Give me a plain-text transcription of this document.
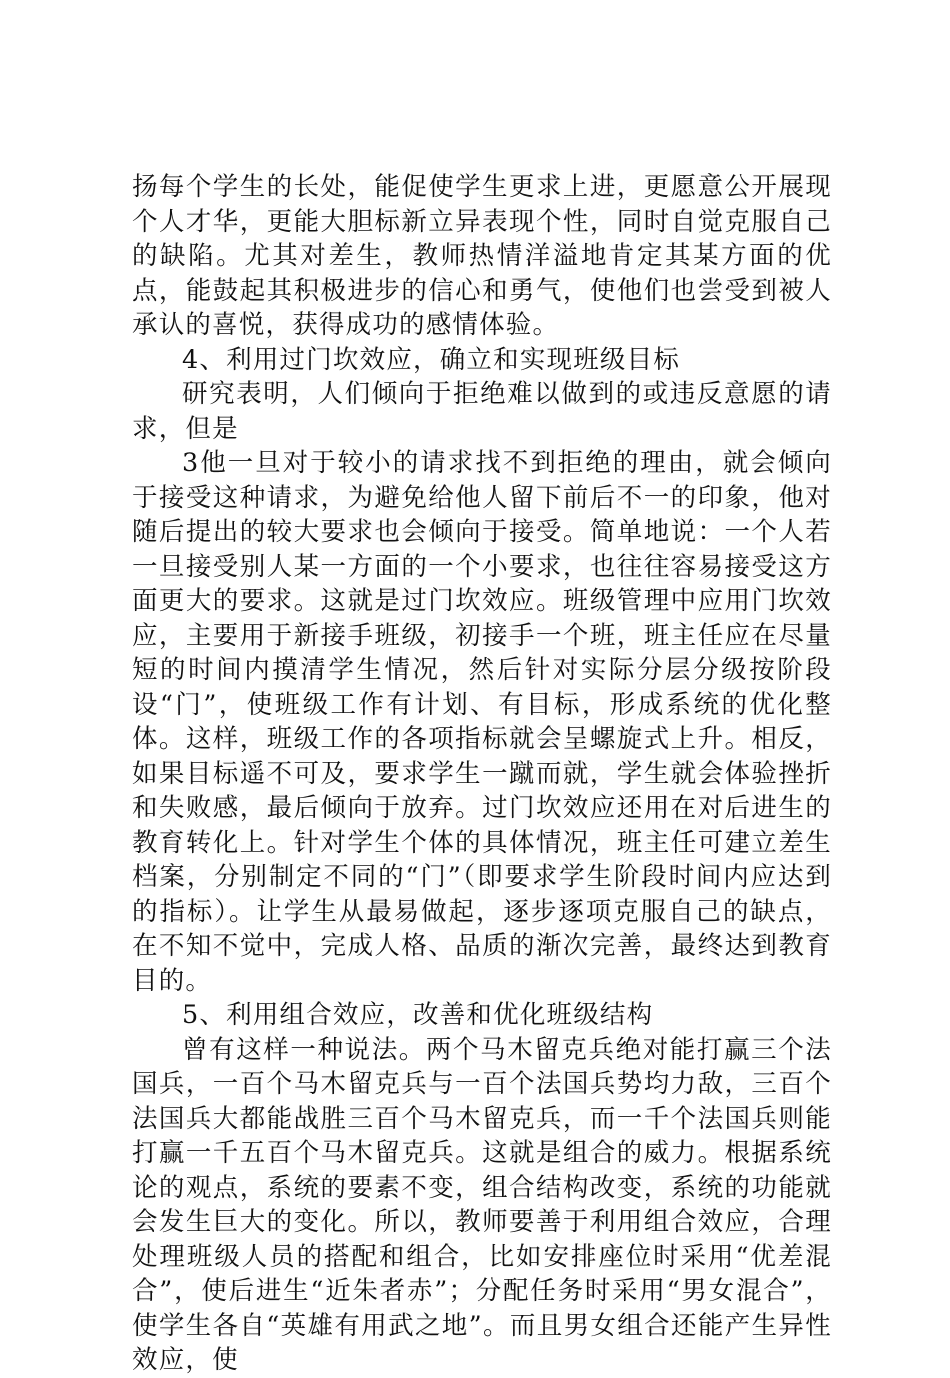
扬每个学生的长处，能促使学生更求上进，更愿意公开展现个人才华，更能大胆标新立异表现个性，同时自觉克服自己的缺陷。尤其对差生，教师热情洋溢地肯定其某方面的优点，能鼓起其积极进步的信心和勇气，使他们也尝受到被人承认的喜悦，获得成功的感情体验。

4、利用过门坎效应，确立和实现班级目标

研究表明，人们倾向于拒绝难以做到的或违反意愿的请求，但是

3他一旦对于较小的请求找不到拒绝的理由，就会倾向于接受这种请求，为避免给他人留下前后不一的印象，他对随后提出的较大要求也会倾向于接受。简单地说：一个人若一旦接受别人某一方面的一个小要求，也往往容易接受这方面更大的要求。这就是过门坎效应。班级管理中应用门坎效应，主要用于新接手班级，初接手一个班，班主任应在尽量短的时间内摸清学生情况，然后针对实际分层分级按阶段设“门”，使班级工作有计划、有目标，形成系统的优化整体。这样，班级工作的各项指标就会呈螺旋式上升。相反，如果目标遥不可及，要求学生一蹴而就，学生就会体验挫折和失败感，最后倾向于放弃。过门坎效应还用在对后进生的教育转化上。针对学生个体的具体情况，班主任可建立差生档案，分别制定不同的“门”（即要求学生阶段时间内应达到的指标）。让学生从最易做起，逐步逐项克服自己的缺点，在不知不觉中，完成人格、品质的渐次完善，最终达到教育目的。

5、利用组合效应，改善和优化班级结构

曾有这样一种说法。两个马木留克兵绝对能打赢三个法国兵，一百个马木留克兵与一百个法国兵势均力敌，三百个法国兵大都能战胜三百个马木留克兵，而一千个法国兵则能打赢一千五百个马木留克兵。这就是组合的威力。根据系统论的观点，系统的要素不变，组合结构改变，系统的功能就会发生巨大的变化。所以，教师要善于利用组合效应，合理处理班级人员的搭配和组合，比如安排座位时采用“优差混合”，使后进生“近朱者赤”；分配任务时采用“男女混合”，使学生各自“英雄有用武之地”。而且男女组合还能产生异性效应，使
